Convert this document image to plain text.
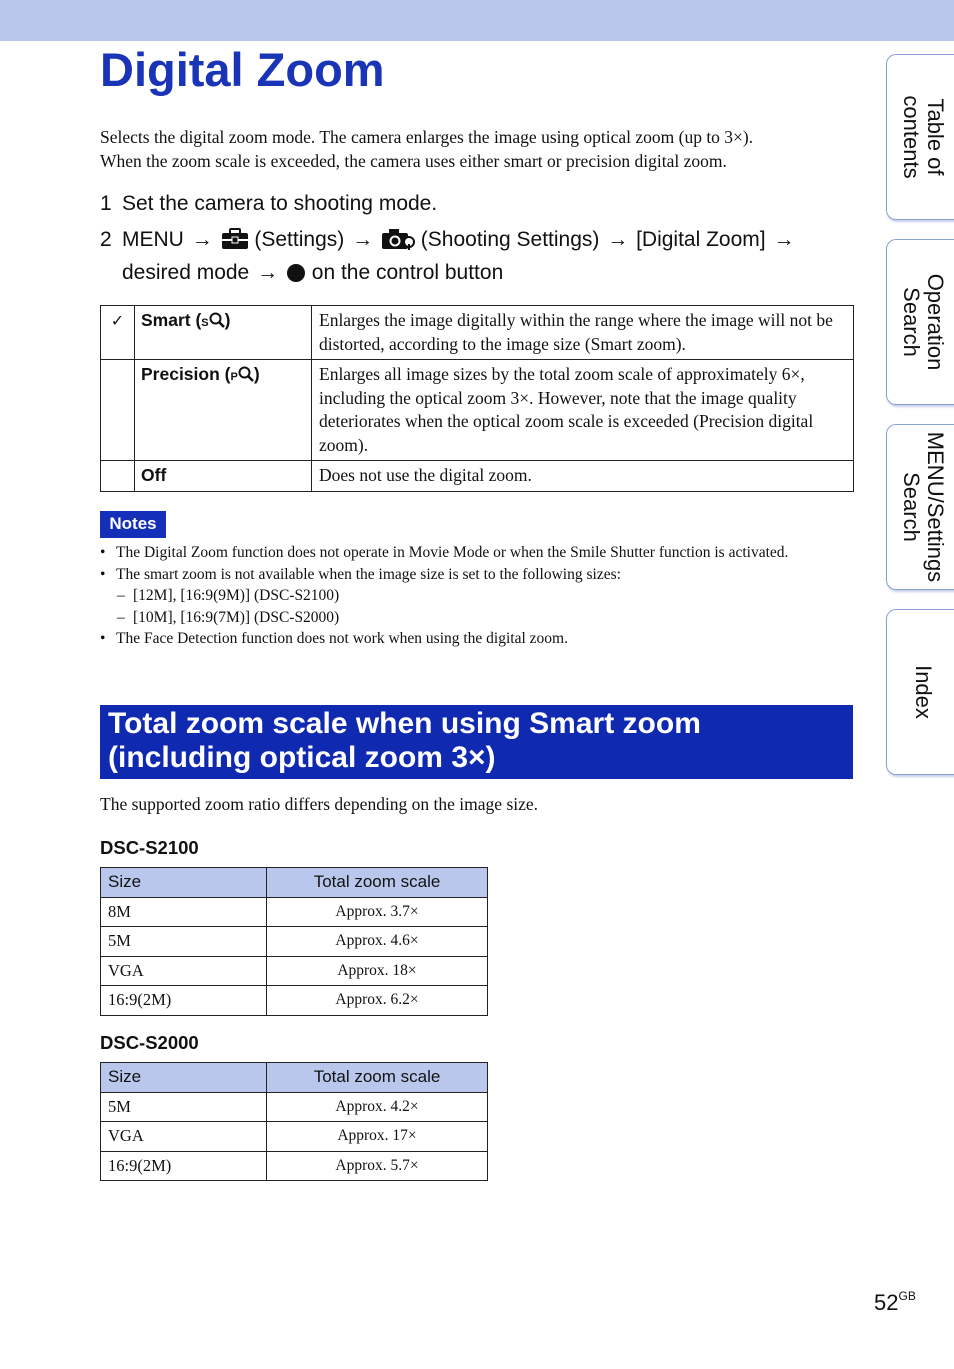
Digital Zoom

Selects the digital zoom mode. The camera enlarges the image using optical zoom (up to 3×).

When the zoom scale is exceeded, the camera uses either smart or precision digital zoom.

1 Set the camera to shooting mode.
2 MENU → (Settings) → (Shooting Settings) → [Digital Zoom] →
desired mode → on the control button
✓	Smart (S )	Enlarges the image digitally within the range where the image will not be distorted, according to the image size (Smart zoom).
	Precision (P )	Enlarges all image sizes by the total zoom scale of approximately 6×, including the optical zoom 3×. However, note that the image quality deteriorates when the optical zoom scale is exceeded (Precision digital zoom).
	Off	Does not use the digital zoom.
Notes
• The Digital Zoom function does not operate in Movie Mode or when the Smile Shutter function is activated.
• The smart zoom is not available when the image size is set to the following sizes:
– [12M], [16:9(9M)] (DSC-S2100)
– [10M], [16:9(7M)] (DSC-S2000)
• The Face Detection function does not work when using the digital zoom.
Total zoom scale when using Smart zoom
(including optical zoom 3×)

The supported zoom ratio differs depending on the image size.

DSC-S2100
Size	Total zoom scale
8M	Approx. 3.7×
5M	Approx. 4.6×
VGA	Approx. 18×
16:9(2M)	Approx. 6.2×
DSC-S2000
Size	Total zoom scale
5M	Approx. 4.2×
VGA	Approx. 17×
16:9(2M)	Approx. 5.7×
Table of
contents
Operation
Search
MENU/Settings
Search
Index
$52^{GB}$
